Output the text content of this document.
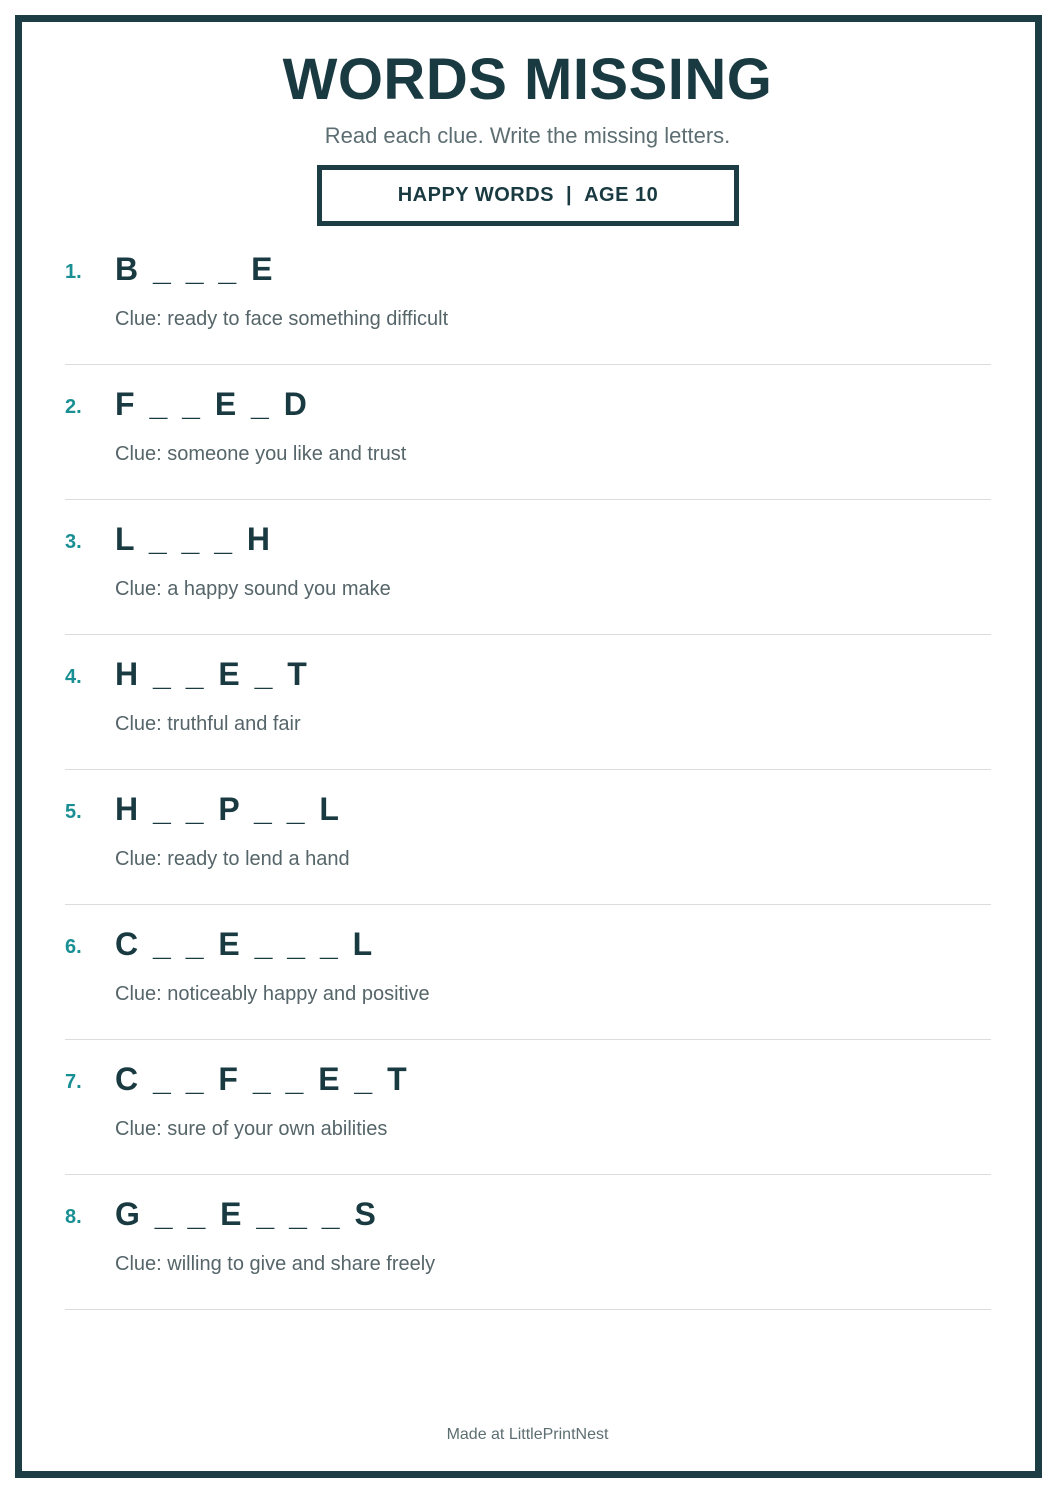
WORDS MISSING
Read each clue. Write the missing letters.
HAPPY WORDS | AGE 10
1. B _ _ _ E
Clue: ready to face something difficult
2. F _ _ E _ D
Clue: someone you like and trust
3. L _ _ _ H
Clue: a happy sound you make
4. H _ _ E _ T
Clue: truthful and fair
5. H _ _ P _ _ L
Clue: ready to lend a hand
6. C _ _ E _ _ _ L
Clue: noticeably happy and positive
7. C _ _ F _ _ E _ T
Clue: sure of your own abilities
8. G _ _ E _ _ _ S
Clue: willing to give and share freely
Made at LittlePrintNest
